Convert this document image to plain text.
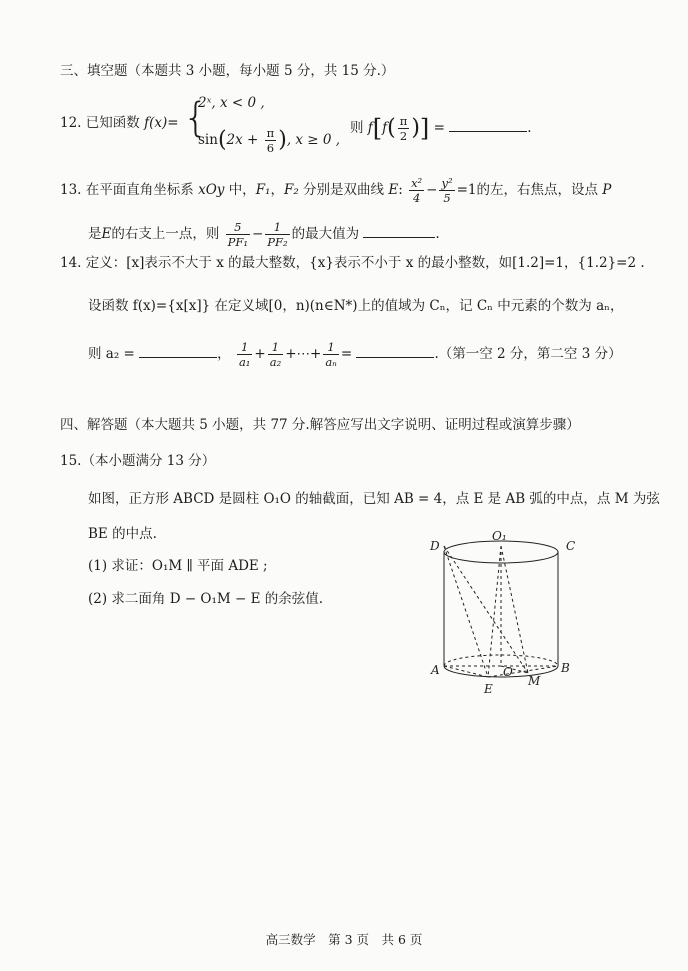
三、填空题（本题共 3 小题，每小题 5 分，共 15 分.）
12. 已知函数 f(x)= {
2ˣ, x < 0 ,
$\sin(2x + \frac{\pi}{6}$ ), x ≥ 0 ,
则 $f[f( \frac{\pi}{2}$ )] =	.
13. 在平面直角坐标系 xOy 中，F₁，F₂ 分别是双曲线 E: $\frac{\text{x²}}{4} - \frac{\text{y²}}{5} =1$的左，右焦点，设点 P
是E的右支上一点，则 $\frac{5}{\text{PF₁}} - \frac{1}{\text{PF₂}}$ 的最大值为	.
14. 定义：[x]表示不大于 x 的最大整数，{x}表示不小于 x 的最小整数，如[1.2]=1，{1.2}=2 .
设函数 f(x)={x[x]} 在定义域[0，n)(n∈N*)上的值域为 Cₙ，记 Cₙ 中元素的个数为 aₙ，
则 a₂ =	， $\frac{1}{\text{a₁}} + \frac{1}{\text{a₂}}$ +⋯+ $\frac{1}{\text{aₙ}}$ =	.（第一空 2 分，第二空 3 分）
四、解答题（本大题共 5 小题，共 77 分.解答应写出文字说明、证明过程或演算步骤）
15.（本小题满分 13 分）
如图，正方形 ABCD 是圆柱 O₁O 的轴截面，已知 AB = 4，点 E 是 AB 弧的中点，点 M 为弦
BE 的中点.
(1) 求证：O₁M ∥ 平面 ADE ;
(2) 求二面角 D − O₁M − E 的余弦值.
D
O₁
C
A	O
M
B
E
高三数学　第 3 页　共 6 页
